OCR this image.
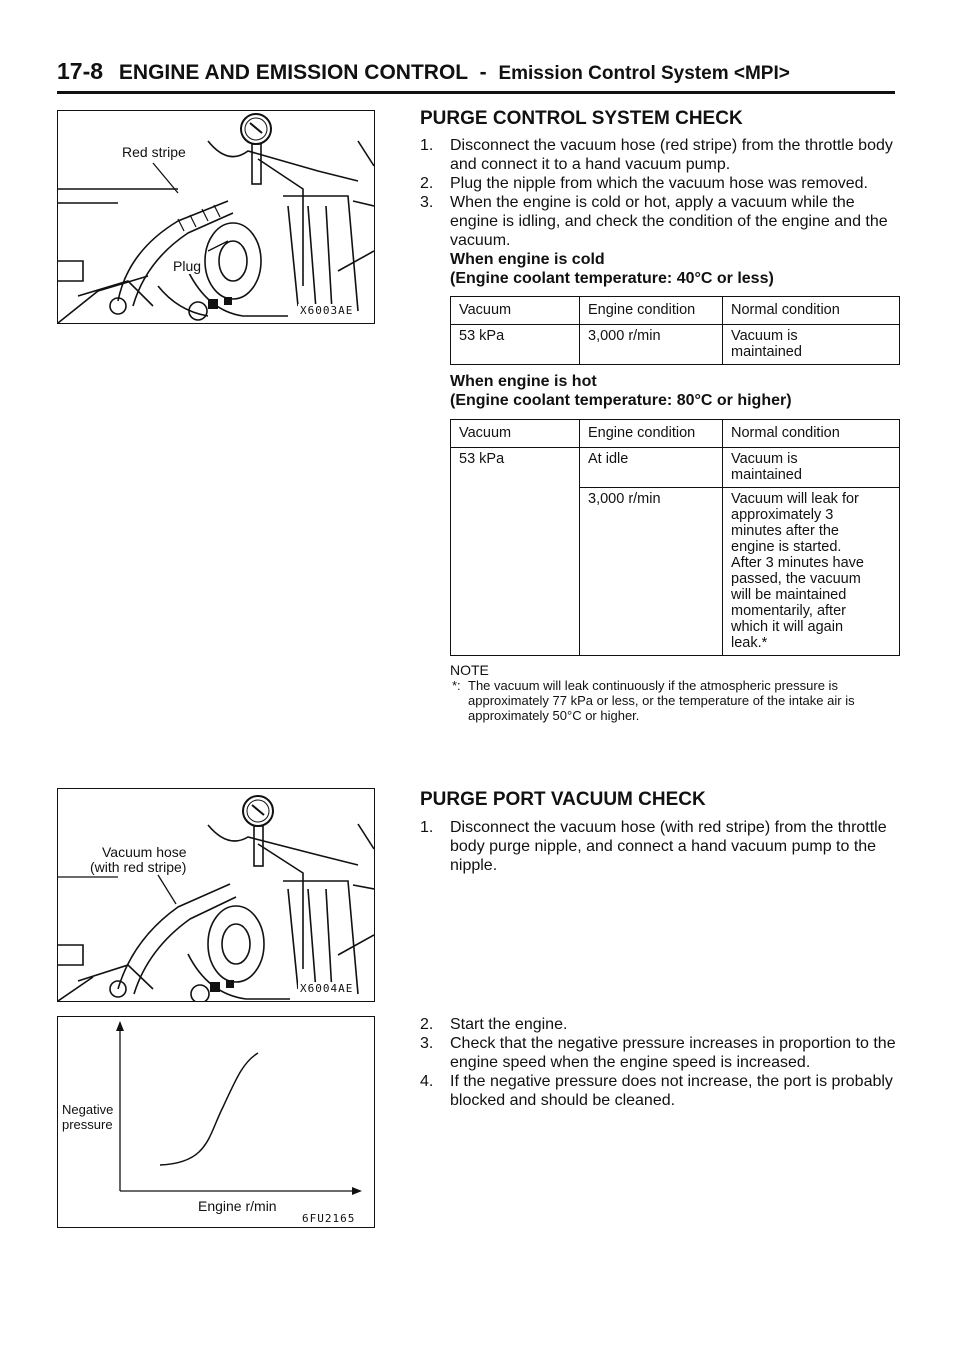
17-8 ENGINE AND EMISSION CONTROL - Emission Control System <MPI>
Red stripe
Plug
X6003AE
Vacuum hose
(with red stripe)
X6004AE
Negative
pressure
Engine r/min
6FU2165
PURGE CONTROL SYSTEM CHECK
1. Disconnect the vacuum hose (red stripe) from the throttle body and connect it to a hand vacuum pump.
2. Plug the nipple from which the vacuum hose was removed.
3. When the engine is cold or hot, apply a vacuum while the engine is idling, and check the condition of the engine and the vacuum.
When engine is cold
(Engine coolant temperature: 40°C or less)
Vacuum	Engine condition	Normal condition
53 kPa	3,000 r/min	Vacuum is maintained
When engine is hot
(Engine coolant temperature: 80°C or higher)
Vacuum	Engine condition	Normal condition
53 kPa	At idle	Vacuum is maintained
	3,000 r/min	Vacuum will leak for approximately 3 minutes after the engine is started. After 3 minutes have passed, the vacuum will be maintained momentarily, after which it will again leak.*
NOTE
*: The vacuum will leak continuously if the atmospheric pressure is approximately 77 kPa or less, or the temperature of the intake air is approximately 50°C or higher.
PURGE PORT VACUUM CHECK
1. Disconnect the vacuum hose (with red stripe) from the throttle body purge nipple, and connect a hand vacuum pump to the nipple.
2. Start the engine.
3. Check that the negative pressure increases in proportion to the engine speed when the engine speed is increased.
4. If the negative pressure does not increase, the port is probably blocked and should be cleaned.
